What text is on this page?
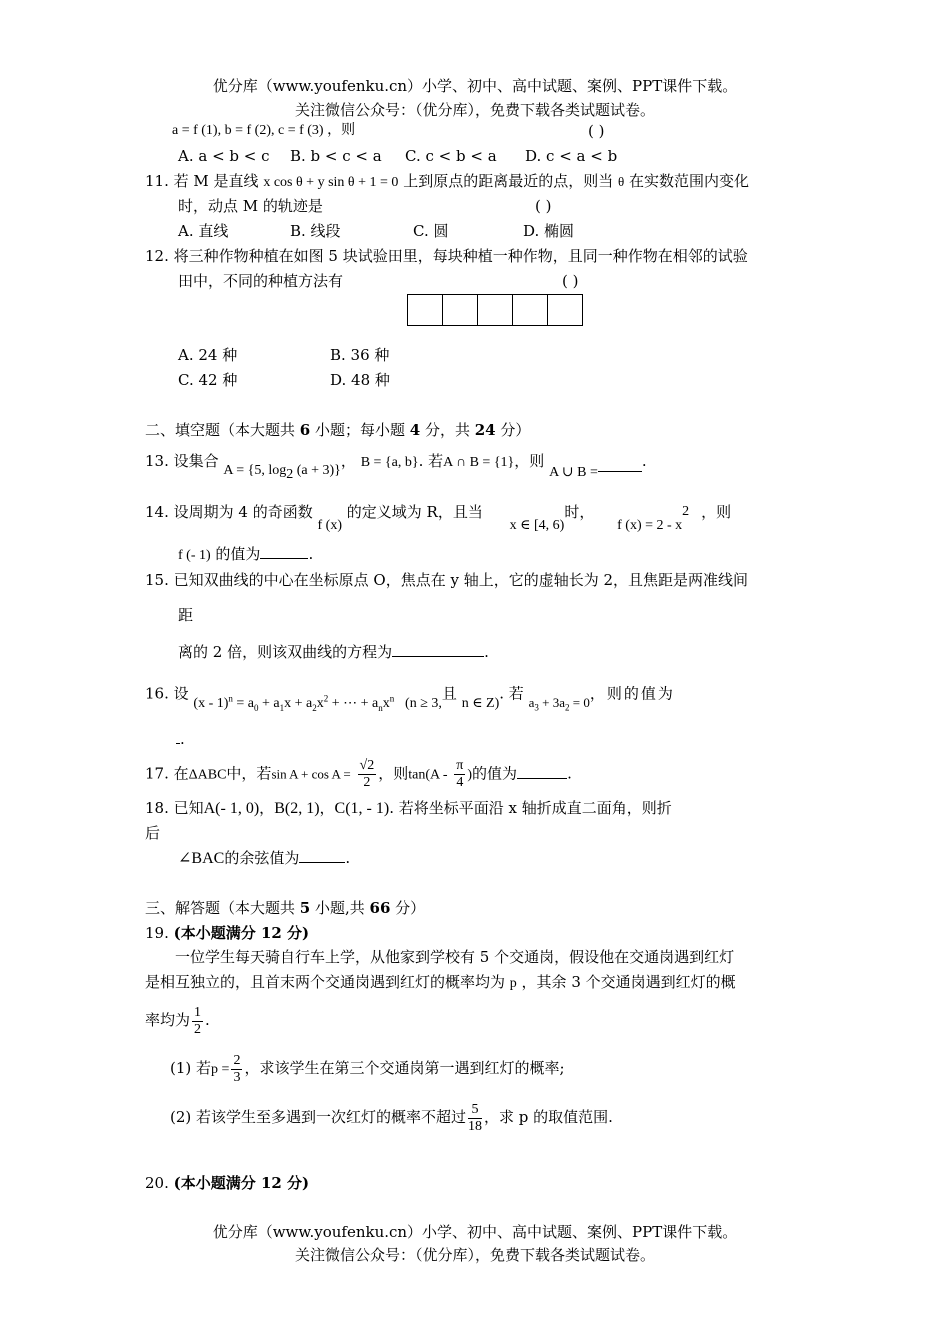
优分库（www.youfenku.cn）小学、初中、高中试题、案例、PPT课件下载。
关注微信公众号：（优分库），免费下载各类试题试卷。
a = f (1), b = f (2), c = f (3) ，则	( )
A. a < b < c B. b < c < a C. c < b < a D. c < a < b
11. 若 M 是直线 x cos θ + y sin θ + 1 = 0 上到原点的距离最近的点，则当 θ 在实数范围内变化
时，动点 M 的轨迹是	( )
A. 直线	B. 线段	C. 圆	D. 椭圆
12. 将三种作物种植在如图 5 块试验田里，每块种植一种作物，且同一种作物在相邻的试验
田中，不同的种植方法有	( )
A. 24 种	B. 36 种
C. 42 种	D. 48 种
二、填空题（本大题共 6 小题；每小题 4 分，共 24 分）
13. 设集合 A = {5, $\log_2 (a + 3)$}， B = {a, b}. 若A ∩ B = {1}，则 A ∪ B =.
14. 设周期为 4 的奇函数 f (x) 的定义域为 R，且当 x ∈ [4, 6)时， f $(x) = 2 - x^2$ ，则
f (- 1) 的值为	.
15. 已知双曲线的中心在坐标原点 O，焦点在 y 轴上，它的虚轴长为 2，且焦距是两准线间
距
离的 2 倍，则该双曲线的方程为	.
16. 设 $(x - 1)^n = a_0 + a_1x + a_2x^2$ + ⋯ + $a_nx^n$ (n ≥ 3,且 n ∈ Z). 若 $a_3 + 3a_2 = 0$，则的值为
.
17. 在ΔABC中，若$\sin A + \cos A = \frac{√2}{2}$ ，则$\tan(A - \frac{\pi}{4}$ )的值为	.
18. 已知A(- 1, 0)，B(2, 1)，C(1, - 1). 若将坐标平面沿 x 轴折成直二面角，则折
后
∠BAC的余弦值为	.
三、解答题（本大题共 5 小题,共 66 分）
19. (本小题满分 12 分)
一位学生每天骑自行车上学，从他家到学校有 5 个交通岗，假设他在交通岗遇到红灯
是相互独立的，且首末两个交通岗遇到红灯的概率均为 p ，其余 3 个交通岗遇到红灯的概
率均为 $\frac{1}{2}$ .
(1) 若$p = \frac{2}{3}$ ，求该学生在第三个交通岗第一遇到红灯的概率;
(2) 若该学生至多遇到一次红灯的概率不超过 $\frac{5}{18}$ ，求 p 的取值范围.
20. (本小题满分 12 分)
优分库（www.youfenku.cn）小学、初中、高中试题、案例、PPT课件下载。
关注微信公众号：（优分库），免费下载各类试题试卷。
